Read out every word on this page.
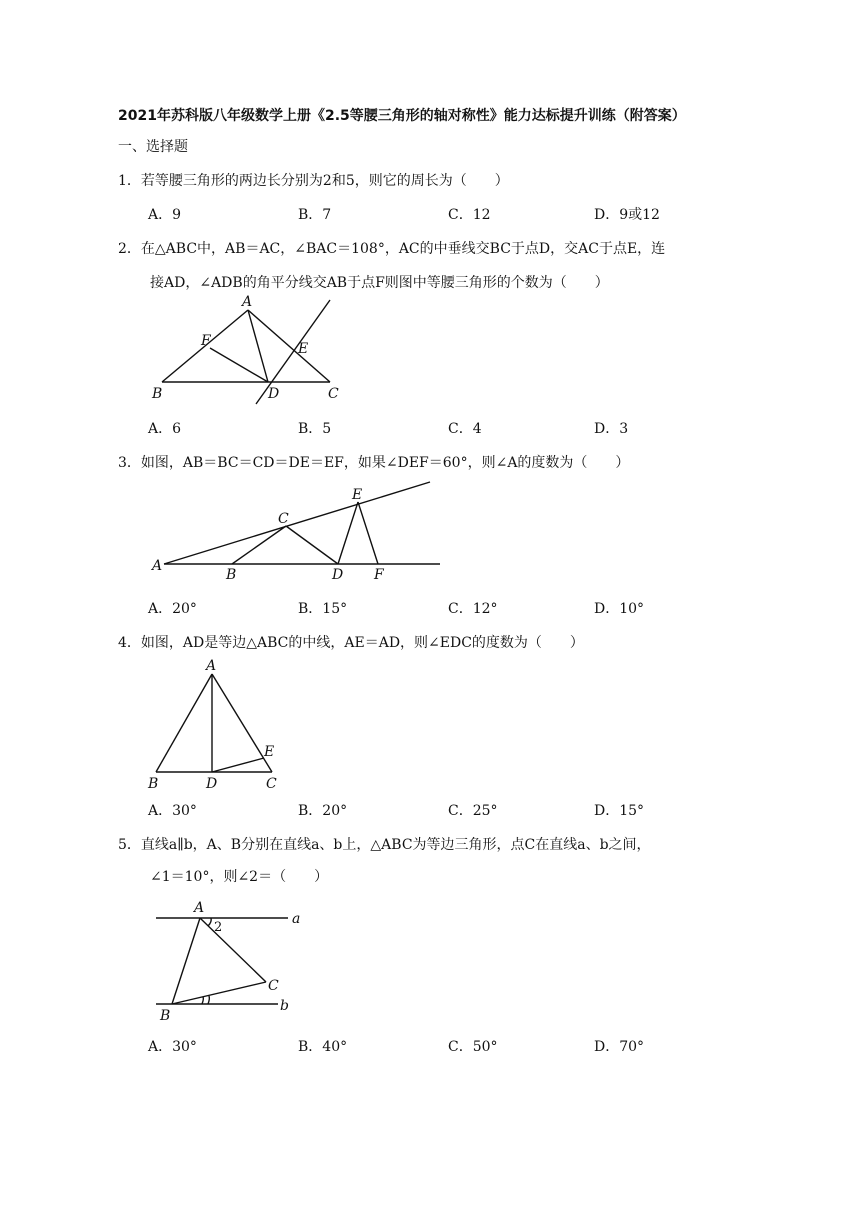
2021年苏科版八年级数学上册《2.5等腰三角形的轴对称性》能力达标提升训练（附答案）
一、选择题
1．若等腰三角形的两边长分别为2和5，则它的周长为（　　）
A．9	B．7	C．12	D．9或12
2．在△ABC中，AB＝AC，∠BAC＝108°，AC的中垂线交BC于点D，交AC于点E，连
接AD，∠ADB的角平分线交AB于点F则图中等腰三角形的个数为（　　）
A
F	E
B	D	C
A．6	B．5	C．4	D．3
3．如图，AB＝BC＝CD＝DE＝EF，如果∠DEF＝60°，则∠A的度数为（　　）
E
C
A
B	D F
A．20°	B．15°	C．12°	D．10°
4．如图，AD是等边△ABC的中线，AE＝AD，则∠EDC的度数为（　　）
A
E
B	D	C
A．30°	B．20°	C．25°	D．15°
5．直线a∥b，A、B分别在直线a、b上，△ABC为等边三角形，点C在直线a、b之间，
∠1＝10°，则∠2＝（　　）
A
2
a
C
B
b
A．30°	B．40°	C．50°	D．70°
